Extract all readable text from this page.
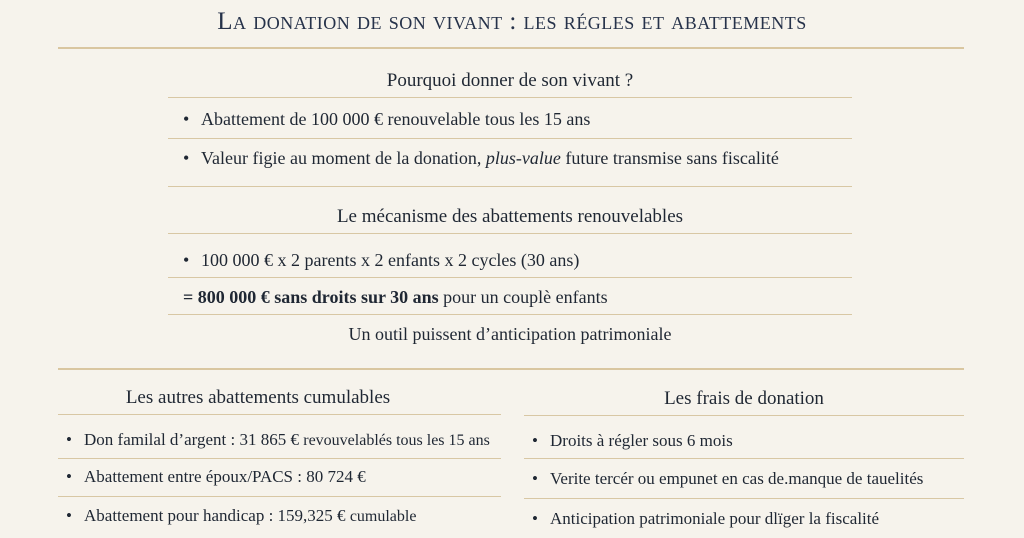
La donation de son vivant : les régles et abattements
Pourquoi donner de son vivant ?
• Abattement de 100 000 € renouvelable tous les 15 ans
• Valeur figie au moment de la donation, plus-value future transmise sans fiscalité
Le mécanisme des abattements renouvelables
• 100 000 € x 2 parents x 2 enfants x 2 cycles (30 ans)
= 800 000 € sans droits sur 30 ans pour un couplè enfants
Un outil puissent d’anticipation patrimoniale
Les autres abattements cumulables
• Don familal d’argent : 31 865 € revouvelablés tous les 15 ans
• Abattement entre époux/PACS : 80 724 €
• Abattement pour handicap : 159,325 € cumulable
Les frais de donation
• Droits à régler sous 6 mois
• Verite tercér ou empunet en cas de.manque de tauelités
• Anticipation patrimoniale pour dlïger la fiscalité
